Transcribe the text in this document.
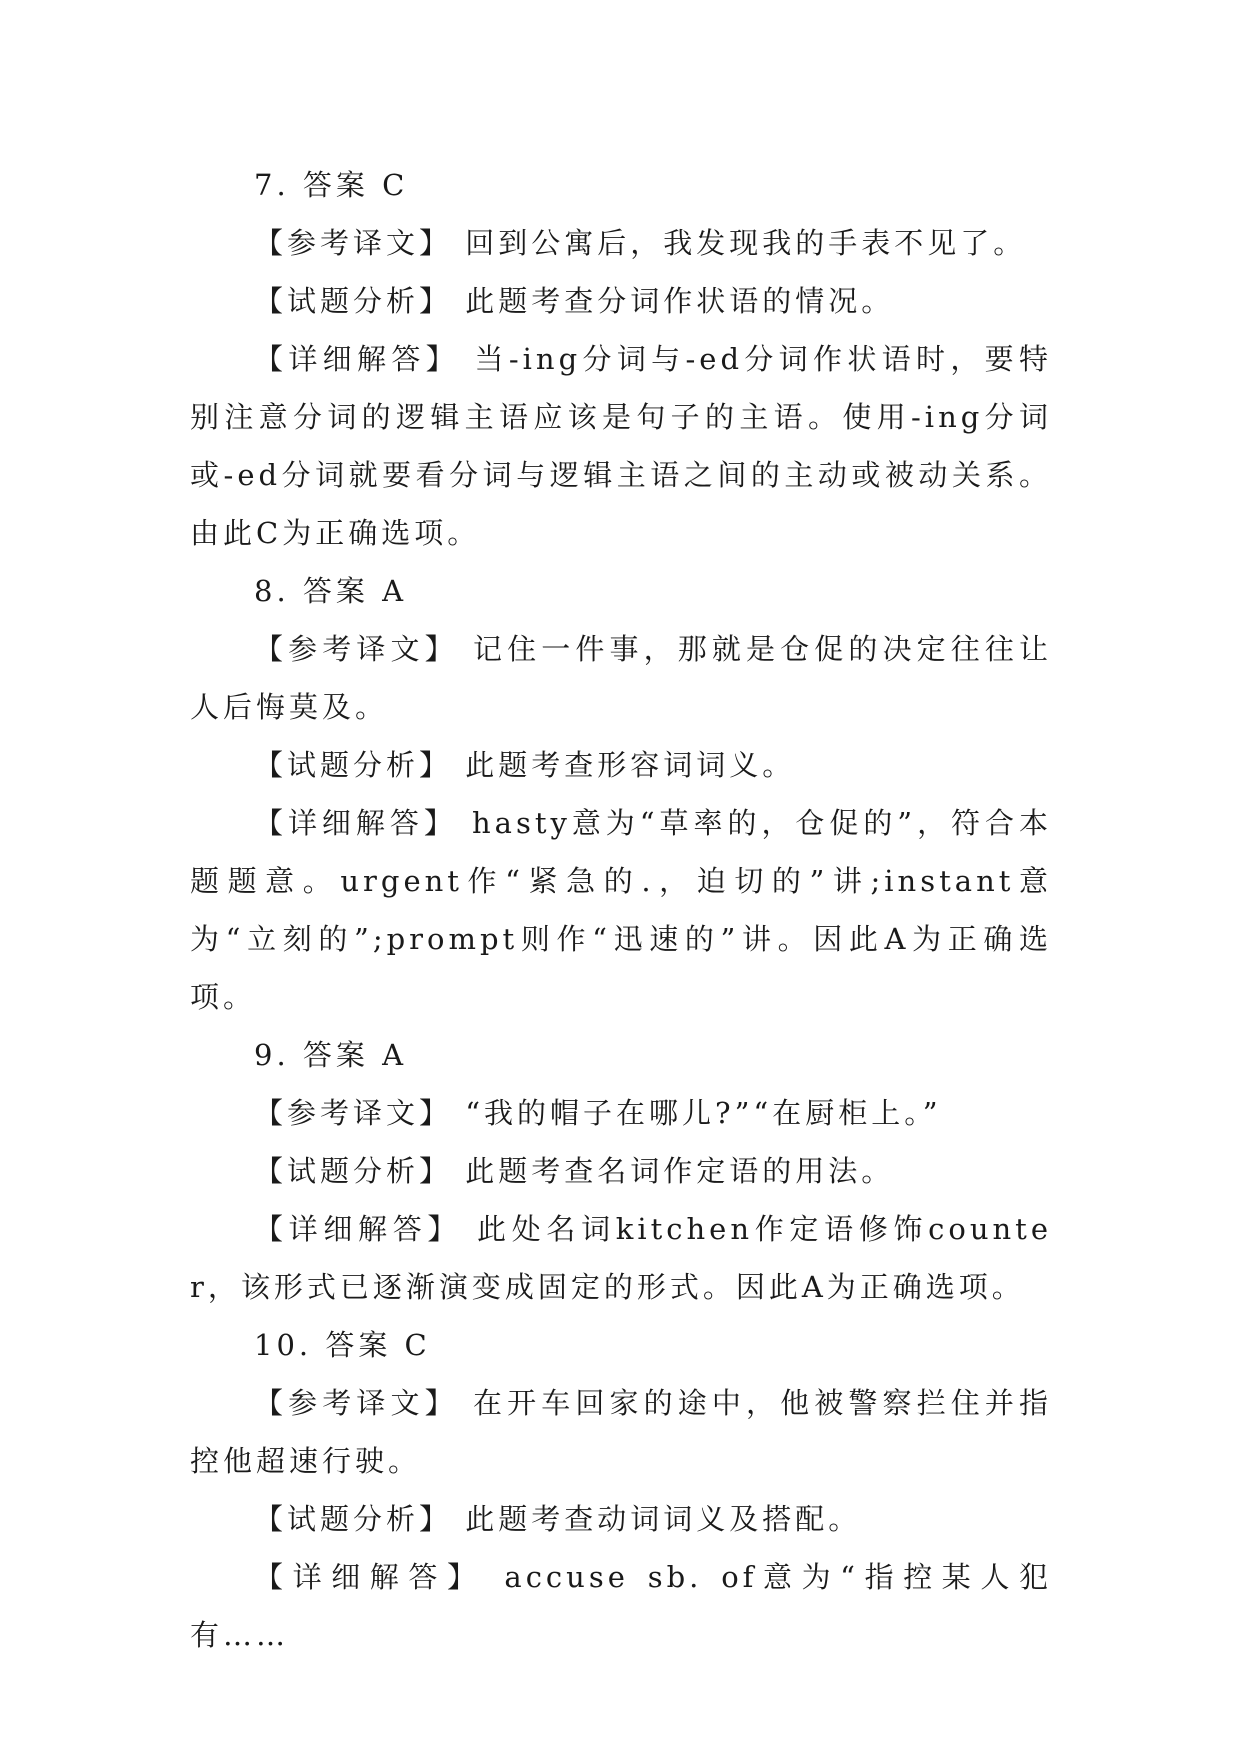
7. 答案 C

【参考译文】 回到公寓后，我发现我的手表不见了。

【试题分析】 此题考查分词作状语的情况。

【详细解答】 当-ing分词与-ed分词作状语时，要特别注意分词的逻辑主语应该是句子的主语。使用-ing分词或-ed分词就要看分词与逻辑主语之间的主动或被动关系。由此C为正确选项。

8. 答案 A

【参考译文】 记住一件事，那就是仓促的决定往往让人后悔莫及。

【试题分析】 此题考查形容词词义。

【详细解答】 hasty意为“草率的，仓促的”，符合本题题意。urgent作“紧急的.，迫切的”讲;instant意为“立刻的”;prompt则作“迅速的”讲。因此A为正确选项。

9. 答案 A

【参考译文】 “我的帽子在哪儿?”“在厨柜上。”

【试题分析】 此题考查名词作定语的用法。

【详细解答】 此处名词kitchen作定语修饰counter，该形式已逐渐演变成固定的形式。因此A为正确选项。

10. 答案 C

【参考译文】 在开车回家的途中，他被警察拦住并指控他超速行驶。

【试题分析】 此题考查动词词义及搭配。

【详细解答】 accuse sb. of意为“指控某人犯有……
